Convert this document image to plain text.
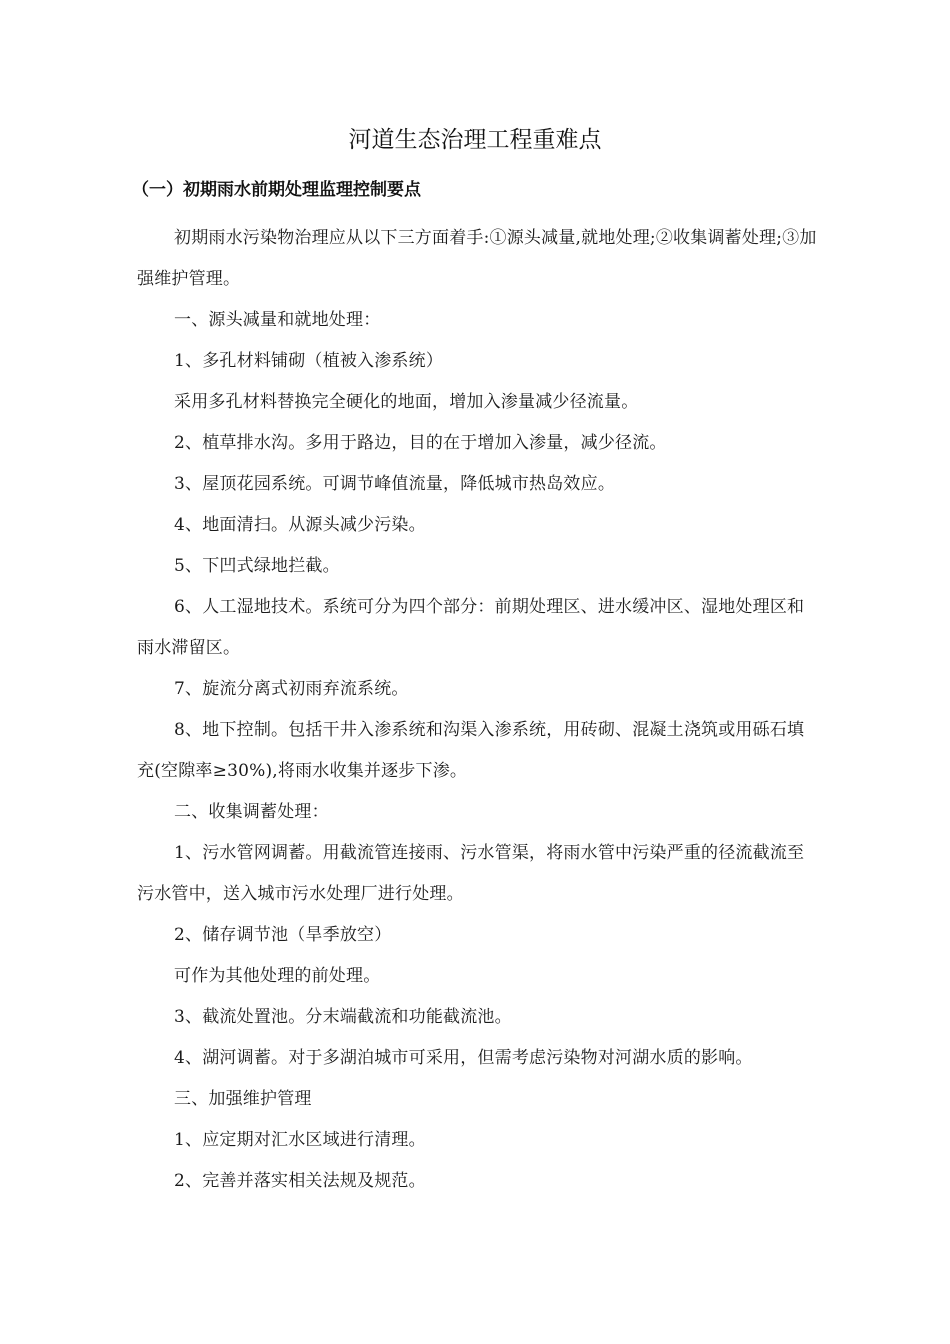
河道生态治理工程重难点
（一）初期雨水前期处理监理控制要点

初期雨水污染物治理应从以下三方面着手:①源头减量,就地处理;②收集调蓄处理;③加强维护管理。

一、源头减量和就地处理：

1、多孔材料铺砌（植被入渗系统）

采用多孔材料替换完全硬化的地面，增加入渗量减少径流量。

2、植草排水沟。多用于路边，目的在于增加入渗量，减少径流。

3、屋顶花园系统。可调节峰值流量，降低城市热岛效应。

4、地面清扫。从源头减少污染。

5、下凹式绿地拦截。

6、人工湿地技术。系统可分为四个部分：前期处理区、进水缓冲区、湿地处理区和雨水滞留区。

7、旋流分离式初雨弃流系统。

8、地下控制。包括干井入渗系统和沟渠入渗系统，用砖砌、混凝土浇筑或用砾石填充(空隙率≥30%),将雨水收集并逐步下渗。

二、收集调蓄处理：

1、污水管网调蓄。用截流管连接雨、污水管渠，将雨水管中污染严重的径流截流至污水管中，送入城市污水处理厂进行处理。

2、储存调节池（旱季放空）

可作为其他处理的前处理。

3、截流处置池。分末端截流和功能截流池。

4、湖河调蓄。对于多湖泊城市可采用，但需考虑污染物对河湖水质的影响。

三、加强维护管理

1、应定期对汇水区域进行清理。

2、完善并落实相关法规及规范。
